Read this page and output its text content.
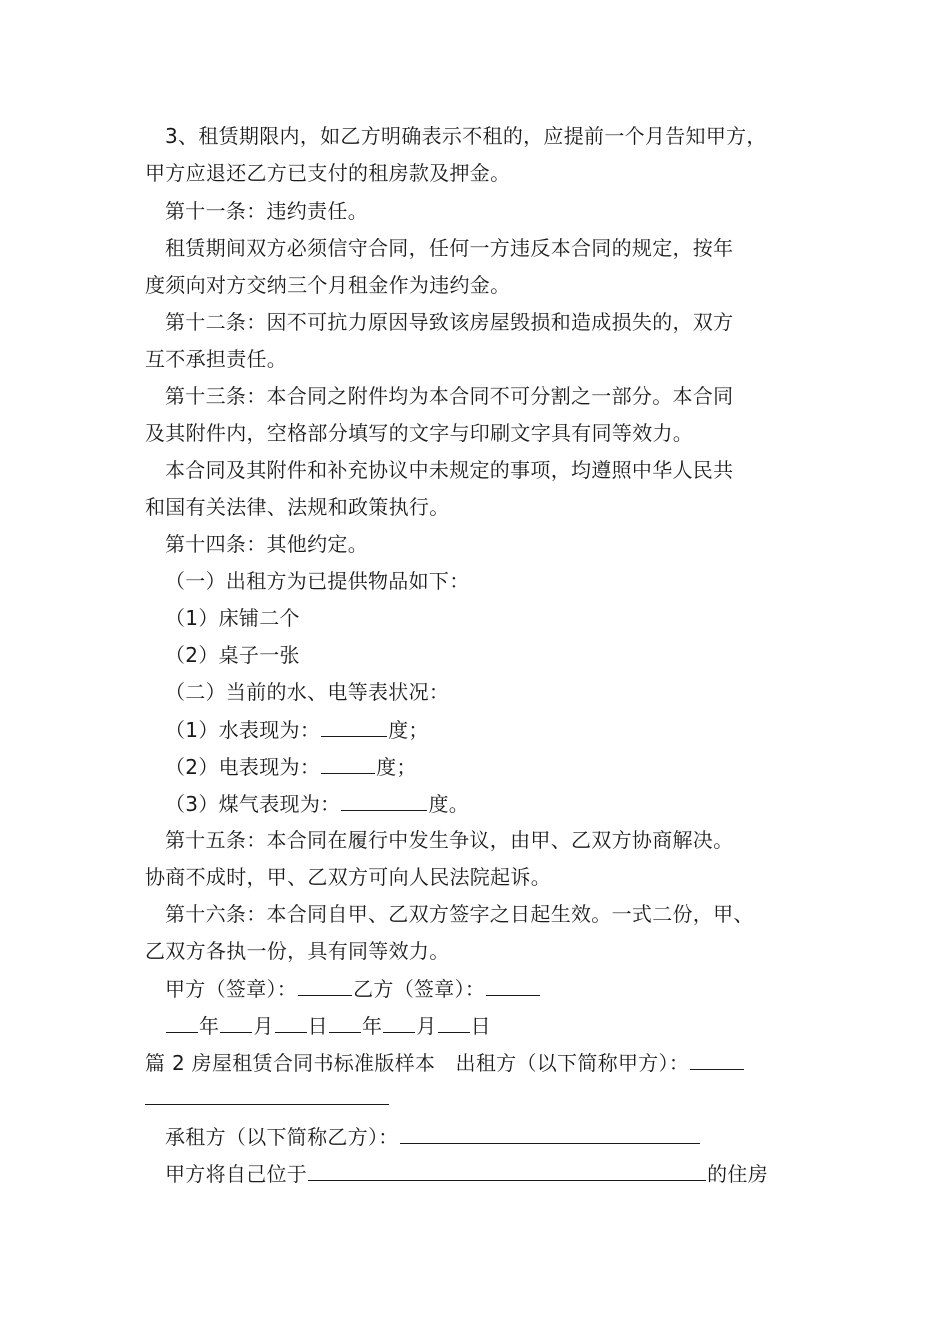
3、租赁期限内，如乙方明确表示不租的，应提前一个月告知甲方，
甲方应退还乙方已支付的租房款及押金。
第十一条：违约责任。
租赁期间双方必须信守合同，任何一方违反本合同的规定，按年
度须向对方交纳三个月租金作为违约金。
第十二条：因不可抗力原因导致该房屋毁损和造成损失的，双方
互不承担责任。
第十三条：本合同之附件均为本合同不可分割之一部分。本合同
及其附件内，空格部分填写的文字与印刷文字具有同等效力。
本合同及其附件和补充协议中未规定的事项，均遵照中华人民共
和国有关法律、法规和政策执行。
第十四条：其他约定。
（一）出租方为已提供物品如下：
（1）床铺二个
（2）桌子一张
（二）当前的水、电等表状况：
（1）水表现为：	度；
（2）电表现为：	度；
（3）煤气表现为：	度。
第十五条：本合同在履行中发生争议，由甲、乙双方协商解决。
协商不成时，甲、乙双方可向人民法院起诉。
第十六条：本合同自甲、乙双方签字之日起生效。一式二份，甲、
乙双方各执一份，具有同等效力。
甲方（签章）：	乙方（签章）：
年 月 日 年 月 日
篇 2 房屋租赁合同书标准版样本　出租方（以下简称甲方）：
承租方（以下简称乙方）：
甲方将自己位于	的住房
